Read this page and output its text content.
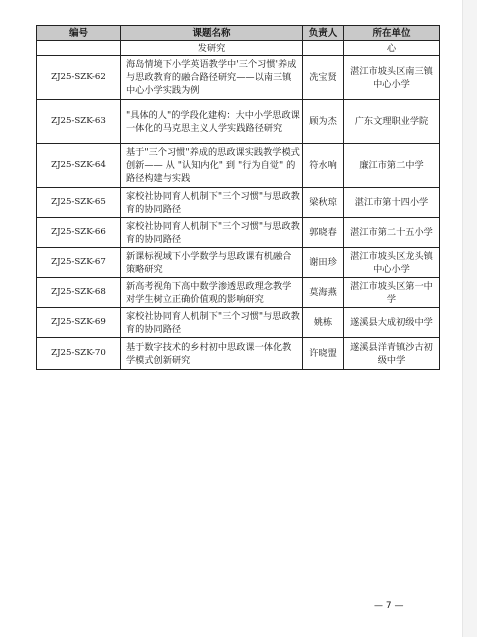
编号	课题名称	负责人	所在单位
	发研究		心
ZJ25-SZK-62	海岛情境下小学英语教学中'三个习惯'养成与思政教育的融合路径研究——以南三镇中心小学实践为例	冼宝贤	湛江市坡头区南三镇中心小学
ZJ25-SZK-63	"具体的人"的学段化建构：大中小学思政课一体化的马克思主义人学实践路径研究	顾为杰	广东文理职业学院
ZJ25-SZK-64	基于"三个习惯"养成的思政课实践教学模式创新—— 从 "认知内化" 到 "行为自觉" 的路径构建与实践	符水响	廉江市第二中学
ZJ25-SZK-65	家校社协同育人机制下"三个习惯"与思政教育的协同路径	梁秋琼	湛江市第十四小学
ZJ25-SZK-66	家校社协同育人机制下"三个习惯"与思政教育的协同路径	郭晓春	湛江市第二十五小学
ZJ25-SZK-67	新课标视域下小学数学与思政课有机融合策略研究	谢田珍	湛江市坡头区龙头镇中心小学
ZJ25-SZK-68	新高考视角下高中数学渗透思政理念教学对学生树立正确价值观的影响研究	莫海燕	湛江市坡头区第一中学
ZJ25-SZK-69	家校社协同育人机制下"三个习惯"与思政教育的协同路径	姚栋	遂溪县大成初级中学
ZJ25-SZK-70	基于数字技术的乡村初中思政课一体化教学模式创新研究	许晓盟	遂溪县洋青镇沙古初级中学
— 7 —
